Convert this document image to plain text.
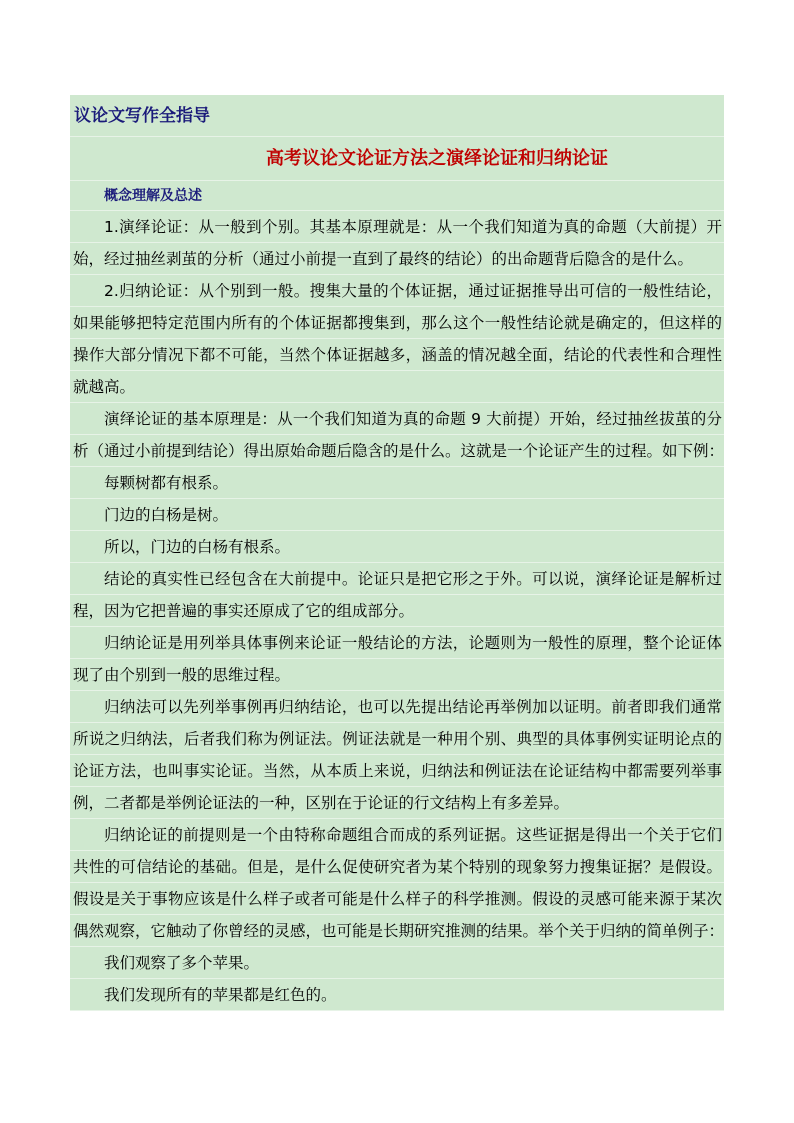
议论文写作全指导
高考议论文论证方法之演绎论证和归纳论证
概念理解及总述
1.演绎论证：从一般到个别。其基本原理就是：从一个我们知道为真的命题（大前提）开
始，经过抽丝剥茧的分析（通过小前提一直到了最终的结论）的出命题背后隐含的是什么。
2.归纳论证：从个别到一般。搜集大量的个体证据，通过证据推导出可信的一般性结论，
如果能够把特定范围内所有的个体证据都搜集到，那么这个一般性结论就是确定的，但这样的
操作大部分情况下都不可能，当然个体证据越多，涵盖的情况越全面，结论的代表性和合理性
就越高。
演绎论证的基本原理是：从一个我们知道为真的命题 9 大前提）开始，经过抽丝拔茧的分
析（通过小前提到结论）得出原始命题后隐含的是什么。这就是一个论证产生的过程。如下例：
每颗树都有根系。
门边的白杨是树。
所以，门边的白杨有根系。
结论的真实性已经包含在大前提中。论证只是把它形之于外。可以说，演绎论证是解析过
程，因为它把普遍的事实还原成了它的组成部分。
归纳论证是用列举具体事例来论证一般结论的方法，论题则为一般性的原理，整个论证体
现了由个别到一般的思维过程。
归纳法可以先列举事例再归纳结论，也可以先提出结论再举例加以证明。前者即我们通常
所说之归纳法，后者我们称为例证法。例证法就是一种用个别、典型的具体事例实证明论点的
论证方法，也叫事实论证。当然，从本质上来说，归纳法和例证法在论证结构中都需要列举事
例，二者都是举例论证法的一种，区别在于论证的行文结构上有多差异。
归纳论证的前提则是一个由特称命题组合而成的系列证据。这些证据是得出一个关于它们
共性的可信结论的基础。但是，是什么促使研究者为某个特别的现象努力搜集证据？是假设。
假设是关于事物应该是什么样子或者可能是什么样子的科学推测。假设的灵感可能来源于某次
偶然观察，它触动了你曾经的灵感，也可能是长期研究推测的结果。举个关于归纳的简单例子：
我们观察了多个苹果。
我们发现所有的苹果都是红色的。
